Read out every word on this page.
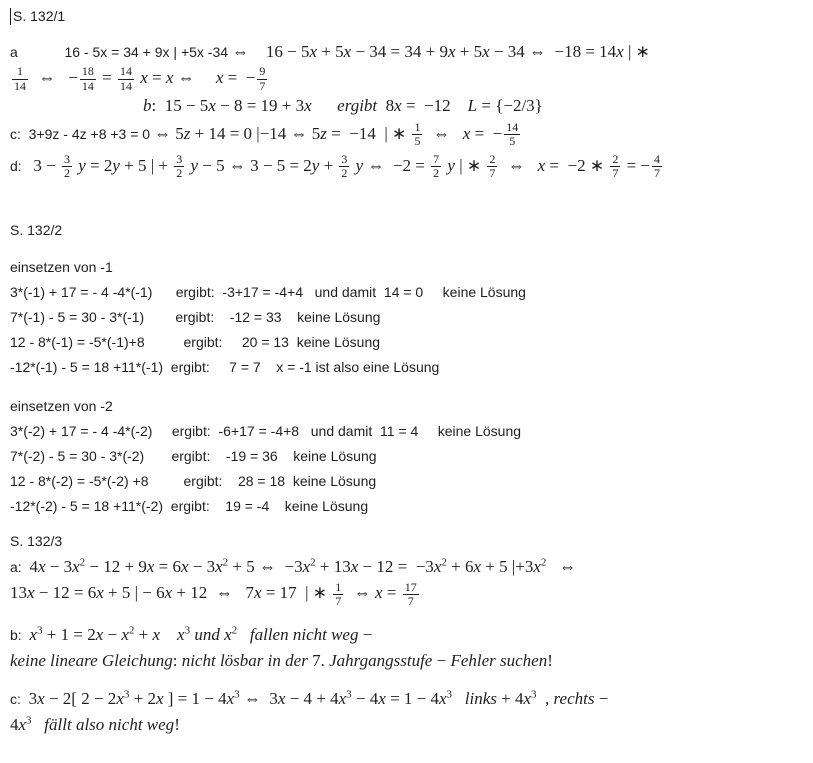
S. 132/1
a            16 - 5x = 34 + 9x | +5x -34 ⇔    16 − 5x + 5x − 34 = 34 + 9x + 5x − 34 ⇔  −18 = 14x | ∗
$\frac{1}{14}$ ⇔   − $\frac{18}{14} = \frac{14}{14}$ x = x ⇔     x =  − $\frac{9}{7}$
b:  15 − 5x − 8 = 19 + 3x ergibt  8x =  −12    L = {−2/3}
c:  3+9z - 4z +8 +3 = 0 ⇔ 5z + 14 = 0 |−14 ⇔ 5z =  −14  | ∗ $\frac{1}{5}$ ⇔   x =  − $\frac{14}{5}$
d:   $3 - \frac{3}{2}$ y = 2y + 5 | + $\frac{3}{2}$ y − 5 ⇔ $3 - 5 = 2y + \frac{3}{2}$ y ⇔  $-2 = \frac{7}{2}$ y | ∗ $\frac{2}{7}$ ⇔   x =  −2 ∗ $\frac{2}{7}$ = − $\frac{4}{7}$
S. 132/2
einsetzen von -1
3*(-1) + 17 = - 4 -4*(-1)      ergibt:  -3+17 = -4+4   und damit  14 = 0     keine Lösung
7*(-1) - 5 = 30 - 3*(-1)        ergibt:    -12 = 33    keine Lösung
12 - 8*(-1) = -5*(-1)+8          ergibt:     20 = 13  keine Lösung
-12*(-1) - 5 = 18 +11*(-1)  ergibt:     7 = 7    x = -1 ist also eine Lösung
einsetzen von -2
3*(-2) + 17 = - 4 -4*(-2)     ergibt:  -6+17 = -4+8   und damit  11 = 4     keine Lösung
7*(-2) - 5 = 30 - 3*(-2)       ergibt:    -19 = 36    keine Lösung
12 - 8*(-2) = -5*(-2) +8         ergibt:    28 = 18  keine Lösung
-12*(-2) - 5 = 18 +11*(-2)  ergibt:    19 = -4    keine Lösung
S. 132/3
a:  $4x - 3x^2 - 12 + 9x = 6x - 3x^2 + 5$ ⇔  $-3x^2 + 13x - 12 = -3x^2 + 6x + 5$ $|+3x^2$   ⇔
13x − 12 = 6x + 5 | − 6x + 12  ⇔   7x = 17  | ∗ $\frac{1}{7}$ ⇔ $x = \frac{17}{7}$
b:  $x^3 + 1 = 2x - x^2 + x$ $x^3$ und $x^2$ fallen nicht weg −
keine lineare Gleichung: nicht lösbar in der 7. Jahrgangsstufe − Fehler suchen!
c:  3x − 2[ $2 - 2x^3 + 2x$ ] = $1 - 4x^3$ ⇔  $3x - 4 + 4x^3 - 4x = 1 - 4x^3$ links + $4x^3$  , rechts −
$4x^3$ fällt also nicht weg!
